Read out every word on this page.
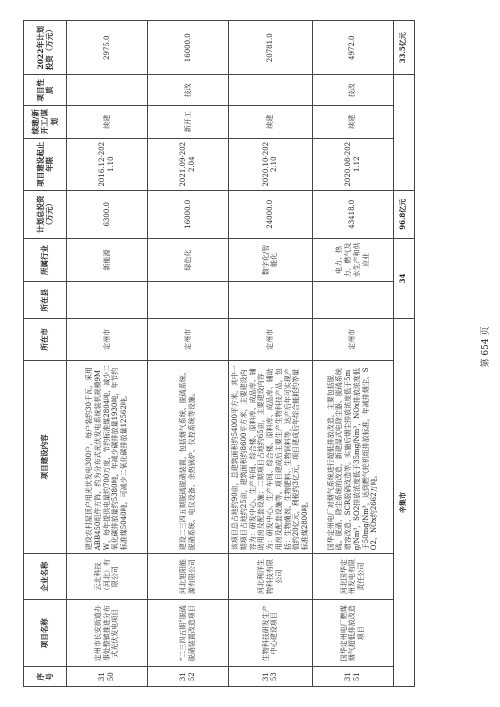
序号	项目名称	企业名称	项目建设内容	所在市	所在县	所属行业	计划总投资（万元）	项目建设起止年限	续建/新开工/谋划	项目性质	2022年计划投资（万元）
3150	定州市长安街道办事处整镇推进分布式光伏发电项目	云北科技（河北）有限公司	建设农村屋顶户用光伏发电300户，每户装约30千瓦，采用ABB450组件方阵，约为分布式光伏发电系统装机规模9MW，每年提供电量约700万度，节约标准煤2804吨，减少二氧化碳排放量约5380吨，年减少碳排放量1930吨，年节约标准煤5040吨，可减少二氧化碳排放量12562吨。	定州市		新能源	6300.0	2016.12-2021.10	续建		2975.0
3152	“二三四五期”脱硫脱硝装置改造项目	河北旭阳能源有限公司	建设二三四五期脱硫脱硝装置，包括烟气系统、脱硫系统、脱硝系统、电仪设备、余热锅炉、仪控系统等设施。	定州市		绿色化	16000.0	2021.09-2022.04	新开工	技改	16000.0
3153	生物科技研发生产中心建设项目	河北利洋生物科技有限公司	该项目总占地约90亩，总建筑面积约54000平方米，其中一期项目占地约25亩，建筑面积约8600平方米，主要建设内容为：研发中心、生产车间、综合楼、原料库、成品库、辅助用房及配套设施；二期项目占地约65亩，主要建设内容为：研发中心、生产车间、综合楼、原料库、成品库、辅助用房及配套设施等。项目建成后主要生产生物科技产品，包括：生物菌剂、生物肥料、生物饲料等，达产后年可实现产值约20亿元，利税约3亿元，项目建成后年综合能耗约等量标准煤2800吨。	定州市		数字化/智能化	24000.0	2020.10-2022.10	续建		20781.0
3151	国华定州电厂燃煤烟气超低排放改造项目	河北国华定州发电有限责任公司	国华定州电厂对烟气系统进行超低排放改造，主要包括脱硫、脱硝、除尘系统的改造，新建湿式电除尘器、脱硫系统增容改造、SCR脱硝改造等。实施后烟尘排放浓度低于5mg/Nm³，SO2排放浓度低于35mg/Nm³，NOx排放浓度低于50mg/Nm³，达到燃气轮机组排放标准，年减排烟尘、SO2、NOx约2662万吨。	定州市		电力、热力、燃气及水生产和供应业	43418.0	2020.08-2021.12	续建	技改	4972.0
辛集市					34		96.8亿元				33.5亿元
第 654 页
